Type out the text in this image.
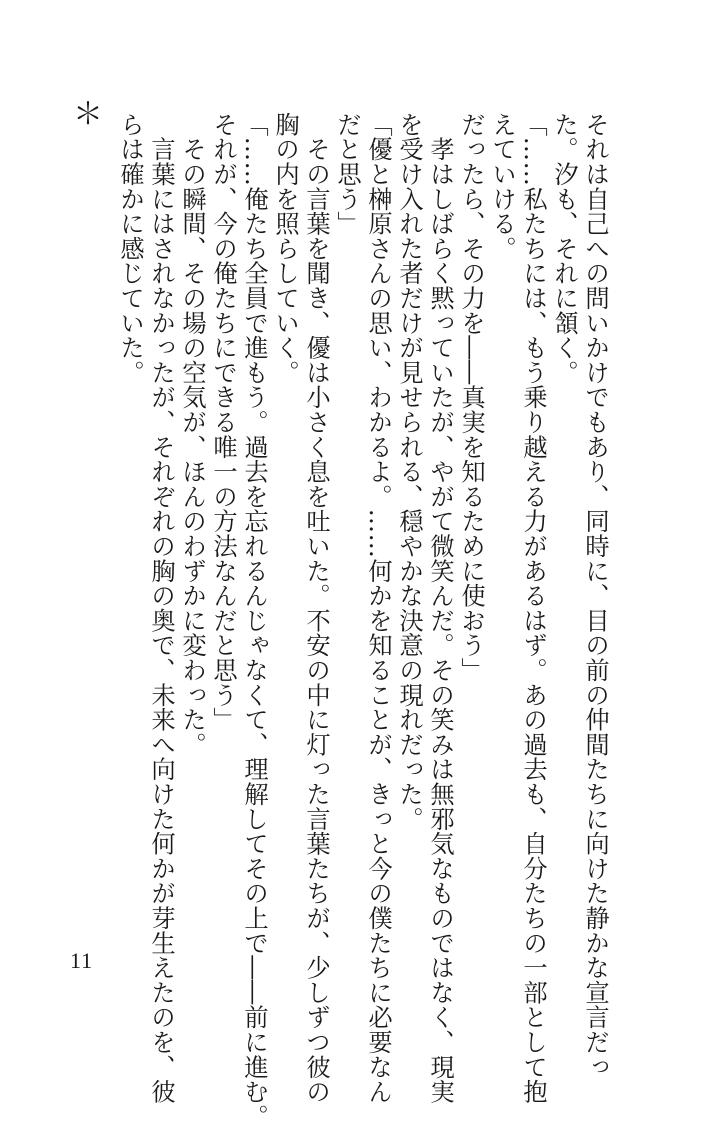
それは自己への問いかけでもあり、同時に、目の前の仲間たちに向けた静かな宣言だっ

た。汐も、それに頷く。

「……私たちには、もう乗り越える力があるはず。あの過去も、自分たちの一部として抱

えていける。

だったら、その力を――真実を知るために使おう」

　孝はしばらく黙っていたが、やがて微笑んだ。その笑みは無邪気なものではなく、現実

を受け入れた者だけが見せられる、穏やかな決意の現れだった。

「優と榊原さんの思い、わかるよ。……何かを知ることが、きっと今の僕たちに必要なん

だと思う」

　その言葉を聞き、優は小さく息を吐いた。不安の中に灯った言葉たちが、少しずつ彼の

胸の内を照らしていく。

「……俺たち全員で進もう。過去を忘れるんじゃなくて、理解してその上で――前に進む。

それが、今の俺たちにできる唯一の方法なんだと思う」

　その瞬間、その場の空気が、ほんのわずかに変わった。

　言葉にはされなかったが、それぞれの胸の奥で、未来へ向けた何かが芽生えたのを、彼

らは確かに感じていた。

＊
11
